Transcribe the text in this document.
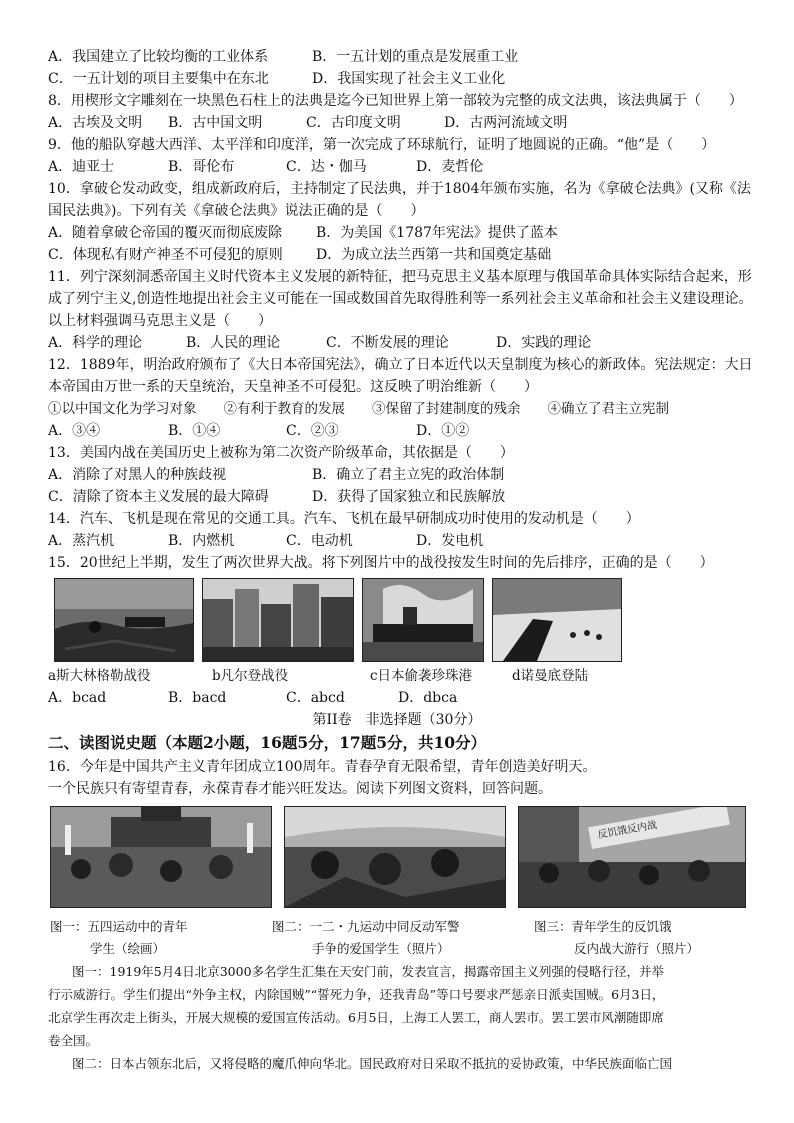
A．我国建立了比较均衡的工业体系	B．一五计划的重点是发展重工业
C．一五计划的项目主要集中在东北	D．我国实现了社会主义工业化
8．用楔形文字雕刻在一块黑色石柱上的法典是迄今已知世界上第一部较为完整的成文法典，该法典属于（　　）
A．古埃及文明 B．古中国文明	C．古印度文明	D．古两河流域文明
9．他的船队穿越大西洋、太平洋和印度洋，第一次完成了环球航行，证明了地圆说的正确。“他”是（　　）
A．迪亚士	B．哥伦布	C．达・伽马	D．麦哲伦
10．拿破仑发动政变，组成新政府后，主持制定了民法典，并于1804年颁布实施，名为《拿破仑法典》(又称《法
国民法典》)。下列有关《拿破仑法典》说法正确的是（　　）
A．随着拿破仑帝国的覆灭而彻底废除 B．为美国《1787年宪法》提供了蓝本
C．体现私有财产神圣不可侵犯的原则 D．为成立法兰西第一共和国奠定基础
11．列宁深刻洞悉帝国主义时代资本主义发展的新特征，把马克思主义基本原理与俄国革命具体实际结合起来，形
成了列宁主义,创造性地提出社会主义可能在一国或数国首先取得胜利等一系列社会主义革命和社会主义建设理论。
以上材料强调马克思主义是（　　）
A．科学的理论	B．人民的理论	C．不断发展的理论	D．实践的理论
12．1889年，明治政府颁布了《大日本帝国宪法》，确立了日本近代以天皇制度为核心的新政体。宪法规定：大日
本帝国由万世一系的天皇统治，天皇神圣不可侵犯。这反映了明治维新（　　）
①以中国文化为学习对象　　②有利于教育的发展　　③保留了封建制度的残余　　④确立了君主立宪制
A．③④	B．①④	C．②③	D．①②
13．美国内战在美国历史上被称为第二次资产阶级革命，其依据是（　　）
A．消除了对黑人的种族歧视	B．确立了君主立宪的政治体制
C．清除了资本主义发展的最大障碍	D．获得了国家独立和民族解放
14．汽车、飞机是现在常见的交通工具。汽车、飞机在最早研制成功时使用的发动机是（　　）
A．蒸汽机	B．内燃机	C．电动机	D．发电机
15．20世纪上半期，发生了两次世界大战。将下列图片中的战役按发生时间的先后排序，正确的是（　　）
a斯大林格勒战役	b凡尔登战役	c日本偷袭珍珠港	d诺曼底登陆
A．bcad	B．bacd	C．abcd	D．dbca
第II卷　非选择题（30分）
二、读图说史题（本题2小题，16题5分，17题5分，共10分）
16．今年是中国共产主义青年团成立100周年。青春孕育无限希望，青年创造美好明天。
一个民族只有寄望青春，永葆青春才能兴旺发达。阅读下列图文资料，回答问题。
反饥饿反内战
图一：五四运动中的青年
学生（绘画）
图二：一二・九运动中同反动军警
手争的爱国学生（照片）
图三：青年学生的反饥饿
反内战大游行（照片）
图一：1919年5月4日北京3000多名学生汇集在天安门前，发表宣言，揭露帝国主义列强的侵略行径，并举
行示威游行。学生们提出“外争主权，内除国贼”“誓死力争，还我青岛”等口号要求严惩亲日派卖国贼。6月3日，
北京学生再次走上街头，开展大规模的爱国宣传活动。6月5日，上海工人罢工，商人罢市。罢工罢市风潮随即席
卷全国。
图二：日本占领东北后，又将侵略的魔爪伸向华北。国民政府对日采取不抵抗的妥协政策，中华民族面临亡国
